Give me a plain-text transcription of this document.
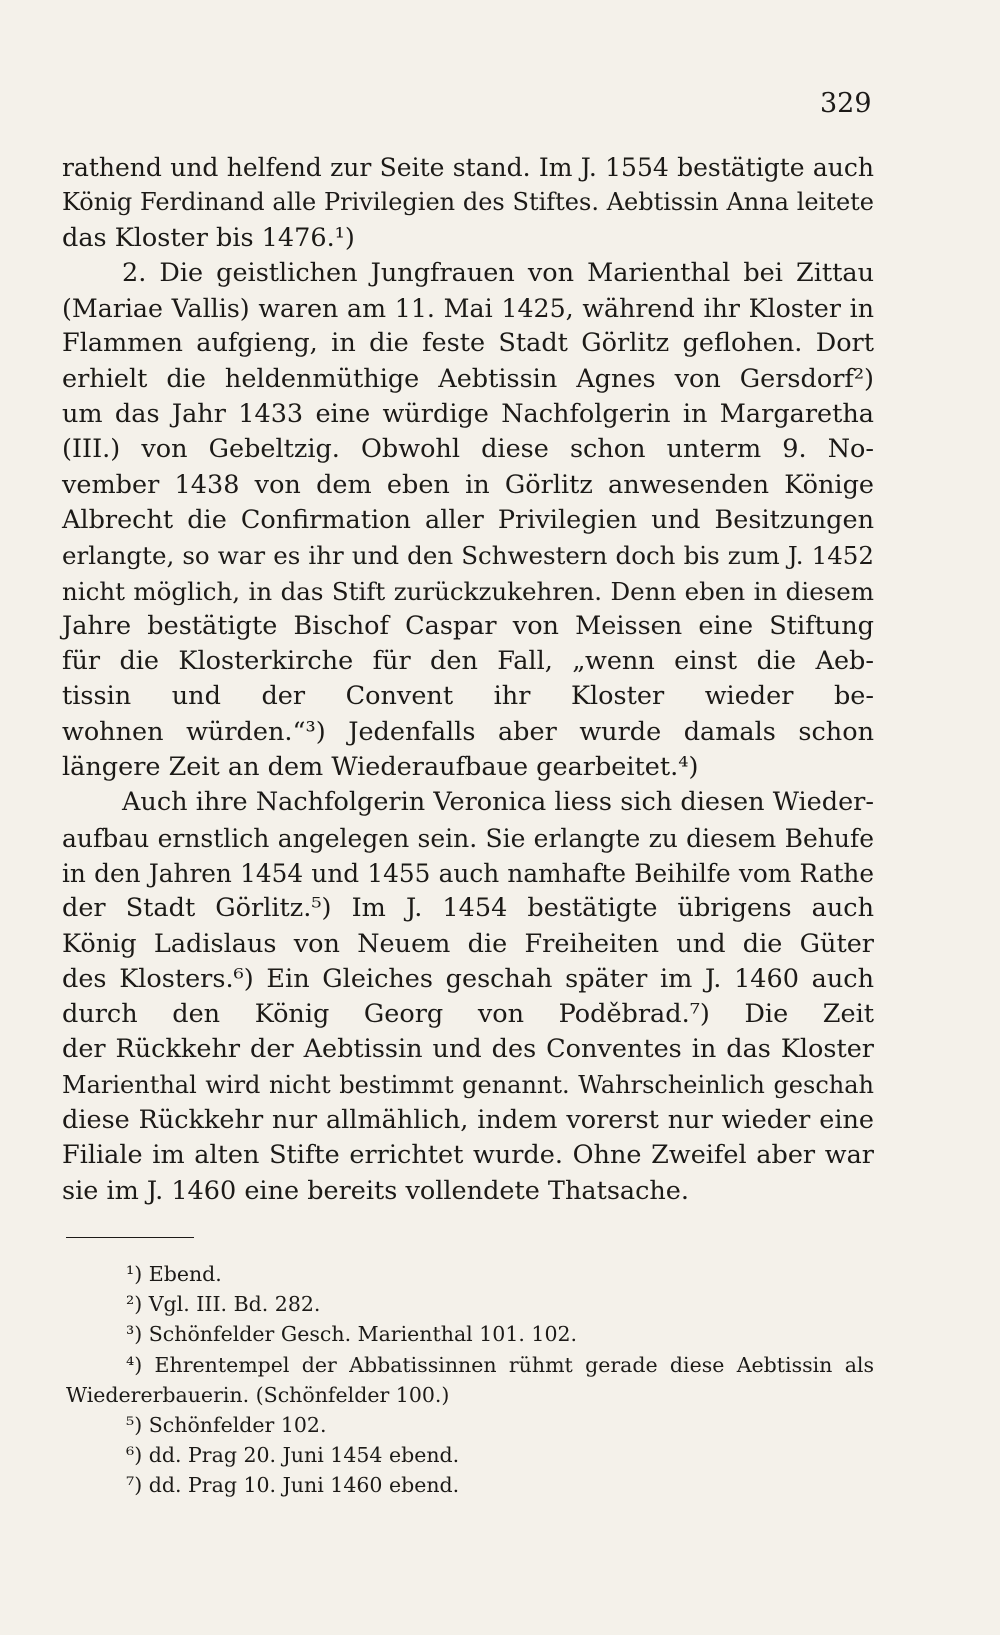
329
rathend und helfend zur Seite stand. Im J. 1554 bestätigte auch
König Ferdinand alle Privilegien des Stiftes. Aebtissin Anna leitete
das Kloster bis 1476.¹)
2. Die geistlichen Jungfrauen von Marienthal bei Zittau
(Mariae Vallis) waren am 11. Mai 1425, während ihr Kloster in
Flammen aufgieng, in die feste Stadt Görlitz geflohen. Dort
erhielt die heldenmüthige Aebtissin Agnes von Gersdorf²)
um das Jahr 1433 eine würdige Nachfolgerin in Margaretha
(III.) von Gebeltzig. Obwohl diese schon unterm 9. No-
vember 1438 von dem eben in Görlitz anwesenden Könige
Albrecht die Confirmation aller Privilegien und Besitzungen
erlangte, so war es ihr und den Schwestern doch bis zum J. 1452
nicht möglich, in das Stift zurückzukehren. Denn eben in diesem
Jahre bestätigte Bischof Caspar von Meissen eine Stiftung
für die Klosterkirche für den Fall, „wenn einst die Aeb-
tissin und der Convent ihr Kloster wieder be-
wohnen würden.“³) Jedenfalls aber wurde damals schon
längere Zeit an dem Wiederaufbaue gearbeitet.⁴)
Auch ihre Nachfolgerin Veronica liess sich diesen Wieder-
aufbau ernstlich angelegen sein. Sie erlangte zu diesem Behufe
in den Jahren 1454 und 1455 auch namhafte Beihilfe vom Rathe
der Stadt Görlitz.⁵) Im J. 1454 bestätigte übrigens auch
König Ladislaus von Neuem die Freiheiten und die Güter
des Klosters.⁶) Ein Gleiches geschah später im J. 1460 auch
durch den König Georg von Poděbrad.⁷) Die Zeit
der Rückkehr der Aebtissin und des Conventes in das Kloster
Marienthal wird nicht bestimmt genannt. Wahrscheinlich geschah
diese Rückkehr nur allmählich, indem vorerst nur wieder eine
Filiale im alten Stifte errichtet wurde. Ohne Zweifel aber war
sie im J. 1460 eine bereits vollendete Thatsache.
¹) Ebend.
²) Vgl. III. Bd. 282.
³) Schönfelder Gesch. Marienthal 101. 102.
⁴) Ehrentempel der Abbatissinnen rühmt gerade diese Aebtissin als
Wiedererbauerin. (Schönfelder 100.)
⁵) Schönfelder 102.
⁶) dd. Prag 20. Juni 1454 ebend.
⁷) dd. Prag 10. Juni 1460 ebend.
